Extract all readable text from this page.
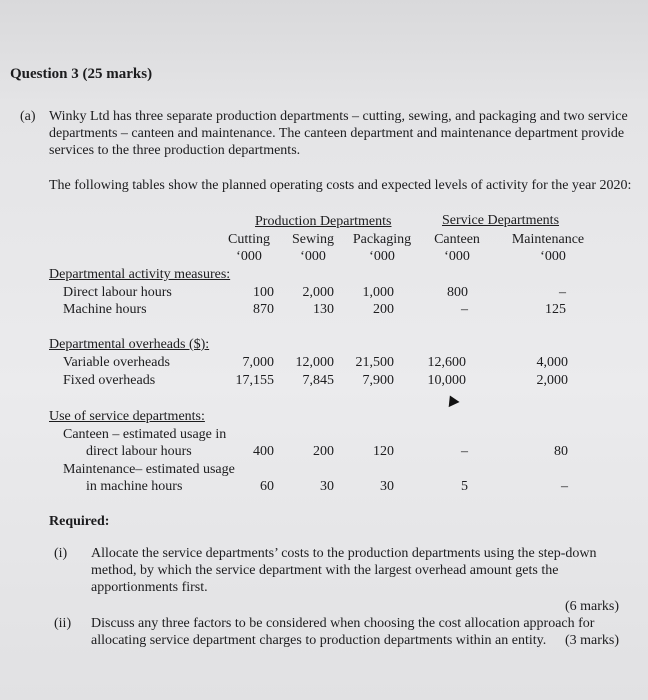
Question 3 (25 marks)
(a) Winky Ltd has three separate production departments – cutting, sewing, and packaging and two service
departments – canteen and maintenance. The canteen department and maintenance department provide
services to the three production departments.
The following tables show the planned operating costs and expected levels of activity for the year 2020:
Production Departments	Service Departments
Cutting	Sewing	Packaging	Canteen	Maintenance
‘000	‘000	‘000	‘000	‘000
Departmental activity measures:
Direct labour hours	100	2,000	1,000	800	–
Machine hours	870	130	200	–	125
Departmental overheads ($):
Variable overheads	7,000	12,000	21,500	12,600	4,000
Fixed overheads	17,155	7,845	7,900	10,000	2,000
Use of service departments:
Canteen – estimated usage in
direct labour hours	400	200	120	–	80
Maintenance– estimated usage
in machine hours	60	30	30	5	–
Required:
(i) Allocate the service departments’ costs to the production departments using the step-down
method, by which the service department with the largest overhead amount gets the
apportionments first.
(6 marks)
(ii) Discuss any three factors to be considered when choosing the cost allocation approach for
allocating service department charges to production departments within an entity. (3 marks)
